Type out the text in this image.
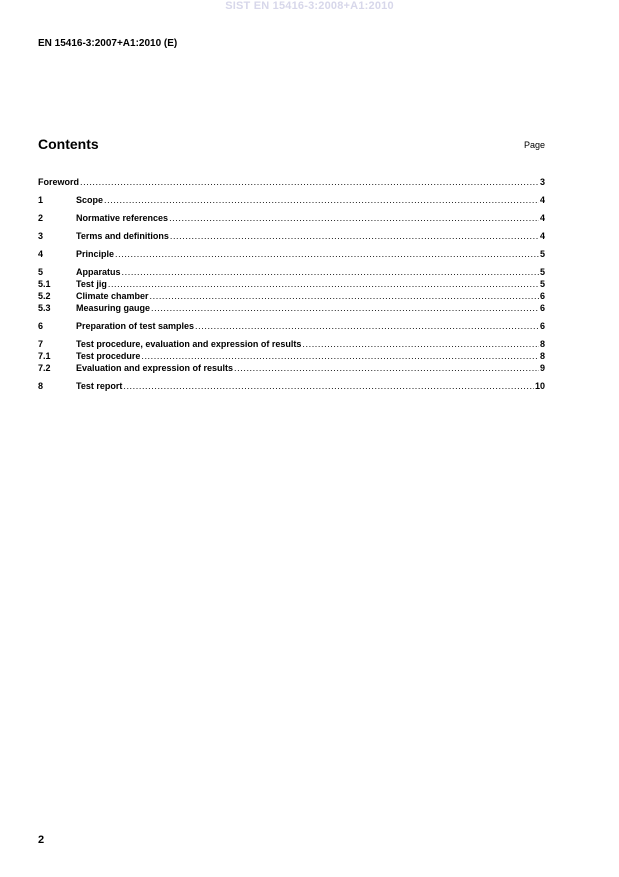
SIST EN 15416-3:2008+A1:2010
EN 15416-3:2007+A1:2010 (E)
Contents	Page
Foreword .....	3
1	Scope .....	4
2	Normative references .....	4
3	Terms and definitions .....	4
4	Principle .....	5
5	Apparatus .....	5
5.1	Test jig .....	5
5.2	Climate chamber .....	6
5.3	Measuring gauge .....	6
6	Preparation of test samples .....	6
7	Test procedure, evaluation and expression of results .....	8
7.1	Test procedure .....	8
7.2	Evaluation and expression of results .....	9
8	Test report .....	10
2
